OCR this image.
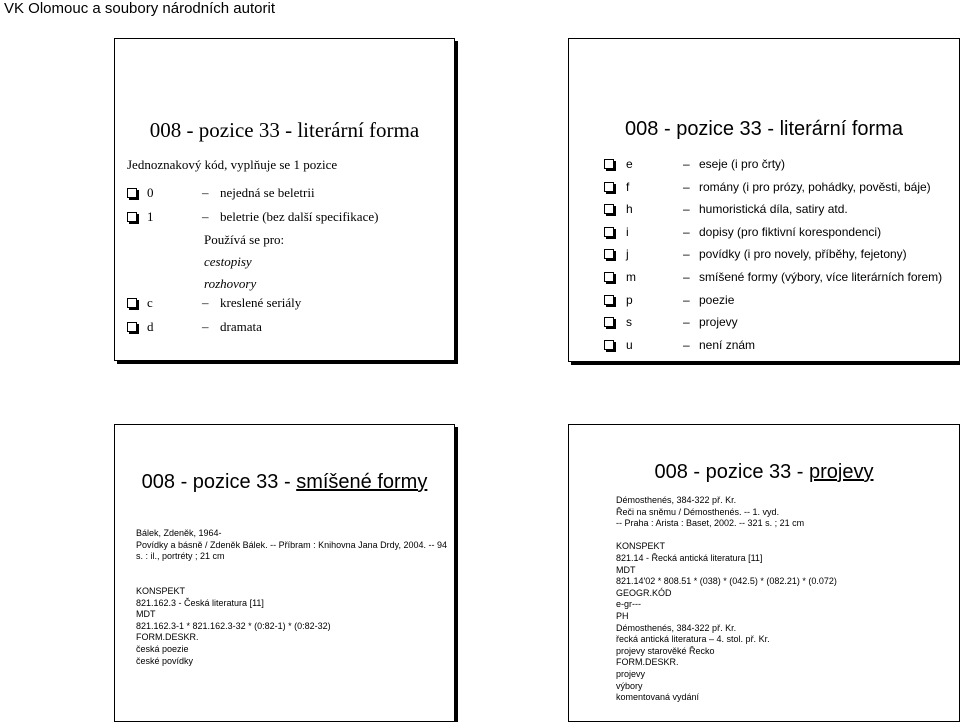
VK Olomouc a soubory národních autorit
008 - pozice 33 - literární forma
Jednoznakový kód, vyplňuje se 1 pozice
0	– nejedná se beletrii
1	– beletrie (bez další specifikace)
Používá se pro:
cestopisy
rozhovory
c	– kreslené seriály
d	– dramata
008 - pozice 33 - literární forma
e	– eseje (i pro črty)
f	– romány (i pro prózy, pohádky, pověsti, báje)
h	– humoristická díla, satiry atd.
i	– dopisy (pro fiktivní korespondenci)
j	– povídky (i pro novely, příběhy, fejetony)
m	– smíšené formy (výbory, více literárních forem)
p	– poezie
s	– projevy
u	– není znám
008 - pozice 33 - smíšené formy
Bálek, Zdeněk, 1964-
Povídky a básně / Zdeněk Bálek. -- Příbram : Knihovna Jana Drdy, 2004. -- 94
s. : il., portréty ; 21 cm
KONSPEKT
821.162.3 - Česká literatura [11]
MDT
821.162.3-1 * 821.162.3-32 * (0:82-1) * (0:82-32)
FORM.DESKR.
česká poezie
české povídky
008 - pozice 33 - projevy
Démosthenés, 384-322 př. Kr.
Řeči na sněmu / Démosthenés. -- 1. vyd.
-- Praha : Arista : Baset, 2002. -- 321 s. ; 21 cm
KONSPEKT
821.14 - Řecká antická literatura [11]
MDT
821.14'02 * 808.51 * (038) * (042.5) * (082.21) * (0.072)
GEOGR.KÓD
e-gr---
PH
Démosthenés, 384-322 př. Kr.
řecká antická literatura – 4. stol. př. Kr.
projevy starověké Řecko
FORM.DESKR.
projevy
výbory
komentovaná vydání
